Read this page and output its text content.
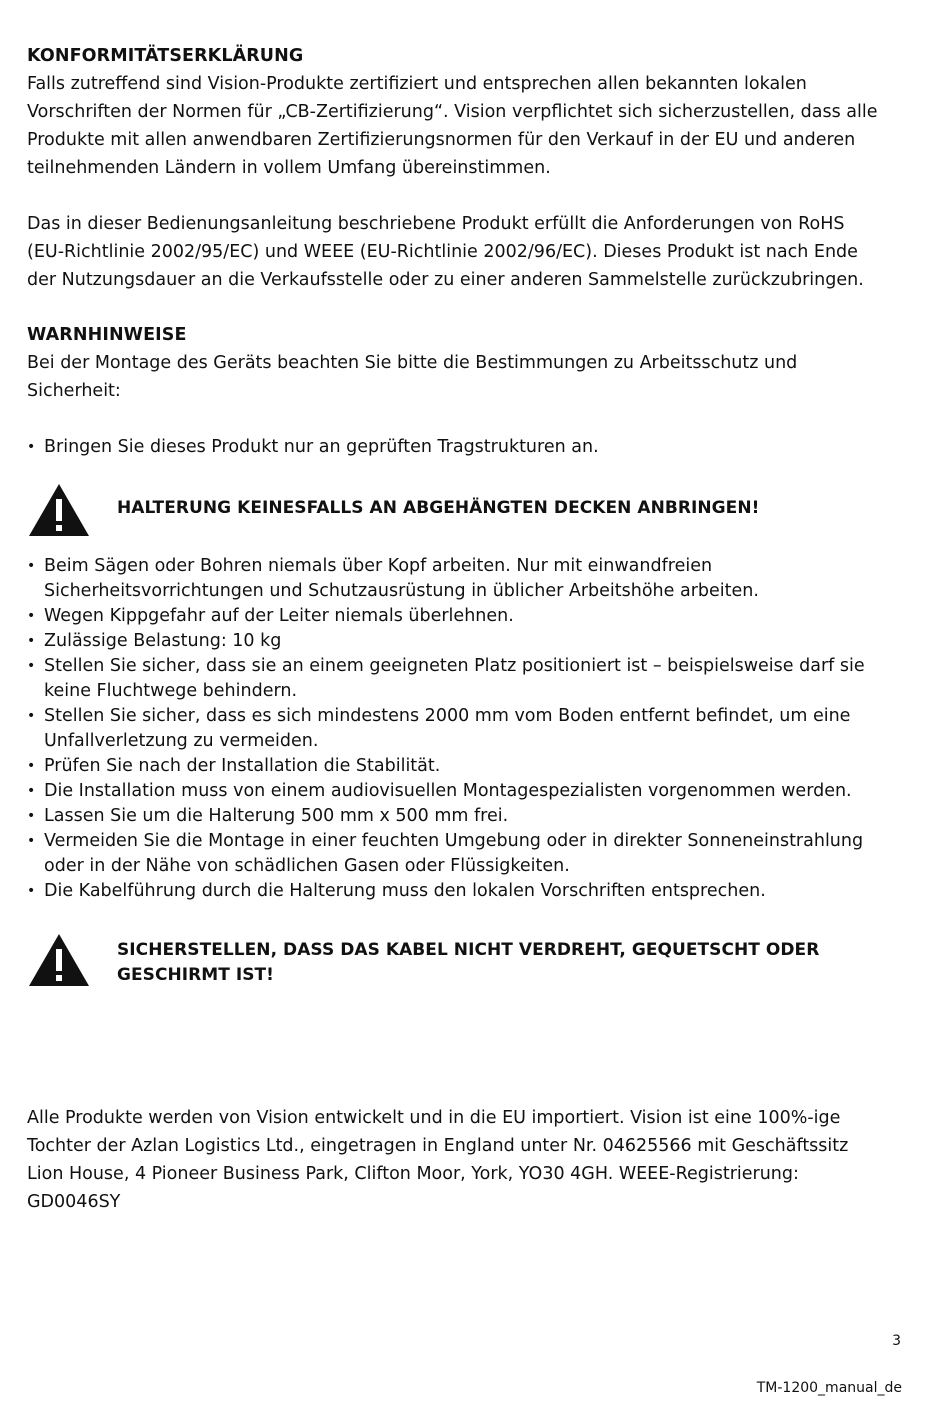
KONFORMITÄTSERKLÄRUNG

Falls zutreffend sind Vision-Produkte zertifiziert und entsprechen allen bekannten lokalen
Vorschriften der Normen für „CB-Zertifizierung“. Vision verpflichtet sich sicherzustellen, dass alle
Produkte mit allen anwendbaren Zertifizierungsnormen für den Verkauf in der EU und anderen
teilnehmenden Ländern in vollem Umfang übereinstimmen.

Das in dieser Bedienungsanleitung beschriebene Produkt erfüllt die Anforderungen von RoHS
(EU-Richtlinie 2002/95/EC) und WEEE (EU-Richtlinie 2002/96/EC). Dieses Produkt ist nach Ende
der Nutzungsdauer an die Verkaufsstelle oder zu einer anderen Sammelstelle zurückzubringen.

WARNHINWEISE

Bei der Montage des Geräts beachten Sie bitte die Bestimmungen zu Arbeitsschutz und
Sicherheit:

• Bringen Sie dieses Produkt nur an geprüften Tragstrukturen an.
HALTERUNG KEINESFALLS AN ABGEHÄNGTEN DECKEN ANBRINGEN!
• Beim Sägen oder Bohren niemals über Kopf arbeiten. Nur mit einwandfreien
Sicherheitsvorrichtungen und Schutzausrüstung in üblicher Arbeitshöhe arbeiten.
• Wegen Kippgefahr auf der Leiter niemals überlehnen.
• Zulässige Belastung: 10 kg
• Stellen Sie sicher, dass sie an einem geeigneten Platz positioniert ist – beispielsweise darf sie
keine Fluchtwege behindern.
• Stellen Sie sicher, dass es sich mindestens 2000 mm vom Boden entfernt befindet, um eine
Unfallverletzung zu vermeiden.
• Prüfen Sie nach der Installation die Stabilität.
• Die Installation muss von einem audiovisuellen Montagespezialisten vorgenommen werden.
• Lassen Sie um die Halterung 500 mm x 500 mm frei.
• Vermeiden Sie die Montage in einer feuchten Umgebung oder in direkter Sonneneinstrahlung
oder in der Nähe von schädlichen Gasen oder Flüssigkeiten.
• Die Kabelführung durch die Halterung muss den lokalen Vorschriften entsprechen.
SICHERSTELLEN, DASS DAS KABEL NICHT VERDREHT, GEQUETSCHT ODER
GESCHIRMT IST!

Alle Produkte werden von Vision entwickelt und in die EU importiert. Vision ist eine 100%-ige
Tochter der Azlan Logistics Ltd., eingetragen in England unter Nr. 04625566 mit Geschäftssitz
Lion House, 4 Pioneer Business Park, Clifton Moor, York, YO30 4GH. WEEE-Registrierung:
GD0046SY

3
TM-1200_manual_de
